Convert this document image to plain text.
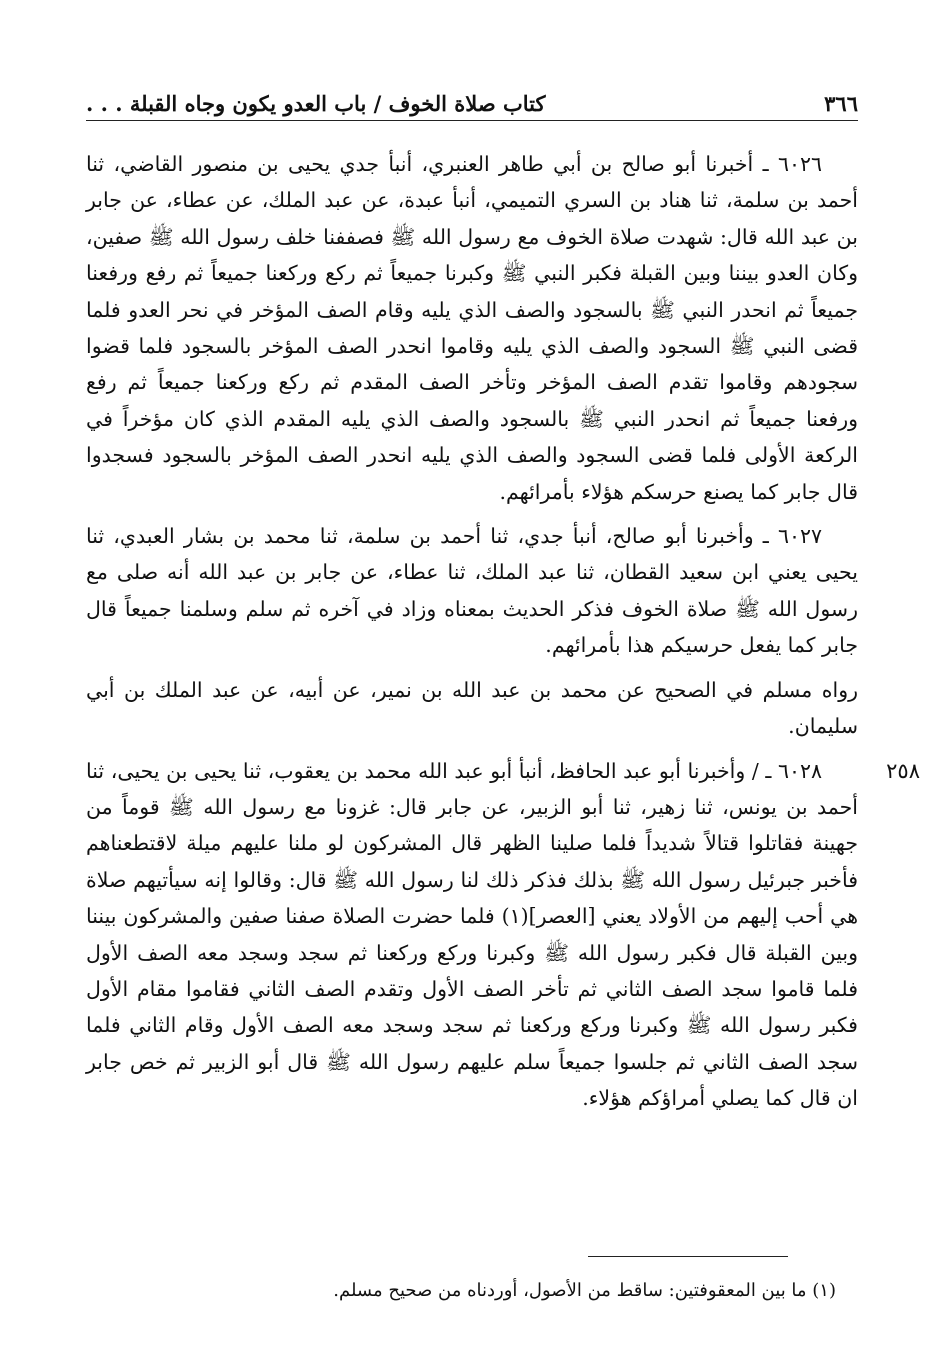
٣٦٦
كتاب صلاة الخوف / باب العدو يكون وجاه القبلة . . .

٦٠٢٦ ـ أخبرنا أبو صالح بن أبي طاهر العنبري، أنبأ جدي يحيى بن منصور القاضي، ثنا أحمد بن سلمة، ثنا هناد بن السري التميمي، أنبأ عبدة، عن عبد الملك، عن عطاء، عن جابر بن عبد الله قال: شهدت صلاة الخوف مع رسول الله ﷺ فصففنا خلف رسول الله ﷺ صفين، وكان العدو بيننا وبين القبلة فكبر النبي ﷺ وكبرنا جميعاً ثم ركع وركعنا جميعاً ثم رفع ورفعنا جميعاً ثم انحدر النبي ﷺ بالسجود والصف الذي يليه وقام الصف المؤخر في نحر العدو فلما قضى النبي ﷺ السجود والصف الذي يليه وقاموا انحدر الصف المؤخر بالسجود فلما قضوا سجودهم وقاموا تقدم الصف المؤخر وتأخر الصف المقدم ثم ركع وركعنا جميعاً ثم رفع ورفعنا جميعاً ثم انحدر النبي ﷺ بالسجود والصف الذي يليه المقدم الذي كان مؤخراً في الركعة الأولى فلما قضى السجود والصف الذي يليه انحدر الصف المؤخر بالسجود فسجدوا قال جابر كما يصنع حرسكم هؤلاء بأمرائهم.

٦٠٢٧ ـ وأخبرنا أبو صالح، أنبأ جدي، ثنا أحمد بن سلمة، ثنا محمد بن بشار العبدي، ثنا يحيى يعني ابن سعيد القطان، ثنا عبد الملك، ثنا عطاء، عن جابر بن عبد الله أنه صلى مع رسول الله ﷺ صلاة الخوف فذكر الحديث بمعناه وزاد في آخره ثم سلم وسلمنا جميعاً قال جابر كما يفعل حرسيكم هذا بأمرائهم.

رواه مسلم في الصحيح عن محمد بن عبد الله بن نمير، عن أبيه، عن عبد الملك بن أبي سليمان.

٢٥٨
٦٠٢٨ ـ / وأخبرنا أبو عبد الحافظ، أنبأ أبو عبد الله محمد بن يعقوب، ثنا يحيى بن يحيى، ثنا أحمد بن يونس، ثنا زهير، ثنا أبو الزبير، عن جابر قال: غزونا مع رسول الله ﷺ قوماً من جهينة فقاتلوا قتالاً شديداً فلما صلينا الظهر قال المشركون لو ملنا عليهم ميلة لاقتطعناهم فأخبر جبرئيل رسول الله ﷺ بذلك فذكر ذلك لنا رسول الله ﷺ قال: وقالوا إنه سيأتيهم صلاة هي أحب إليهم من الأولاد يعني [العصر](١) فلما حضرت الصلاة صفنا صفين والمشركون بيننا وبين القبلة قال فكبر رسول الله ﷺ وكبرنا وركع وركعنا ثم سجد وسجد معه الصف الأول فلما قاموا سجد الصف الثاني ثم تأخر الصف الأول وتقدم الصف الثاني فقاموا مقام الأول فكبر رسول الله ﷺ وكبرنا وركع وركعنا ثم سجد وسجد معه الصف الأول وقام الثاني فلما سجد الصف الثاني ثم جلسوا جميعاً سلم عليهم رسول الله ﷺ قال أبو الزبير ثم خص جابر ان قال كما يصلي أمراؤكم هؤلاء.
(١) ما بين المعقوفتين: ساقط من الأصول، أوردناه من صحيح مسلم.
